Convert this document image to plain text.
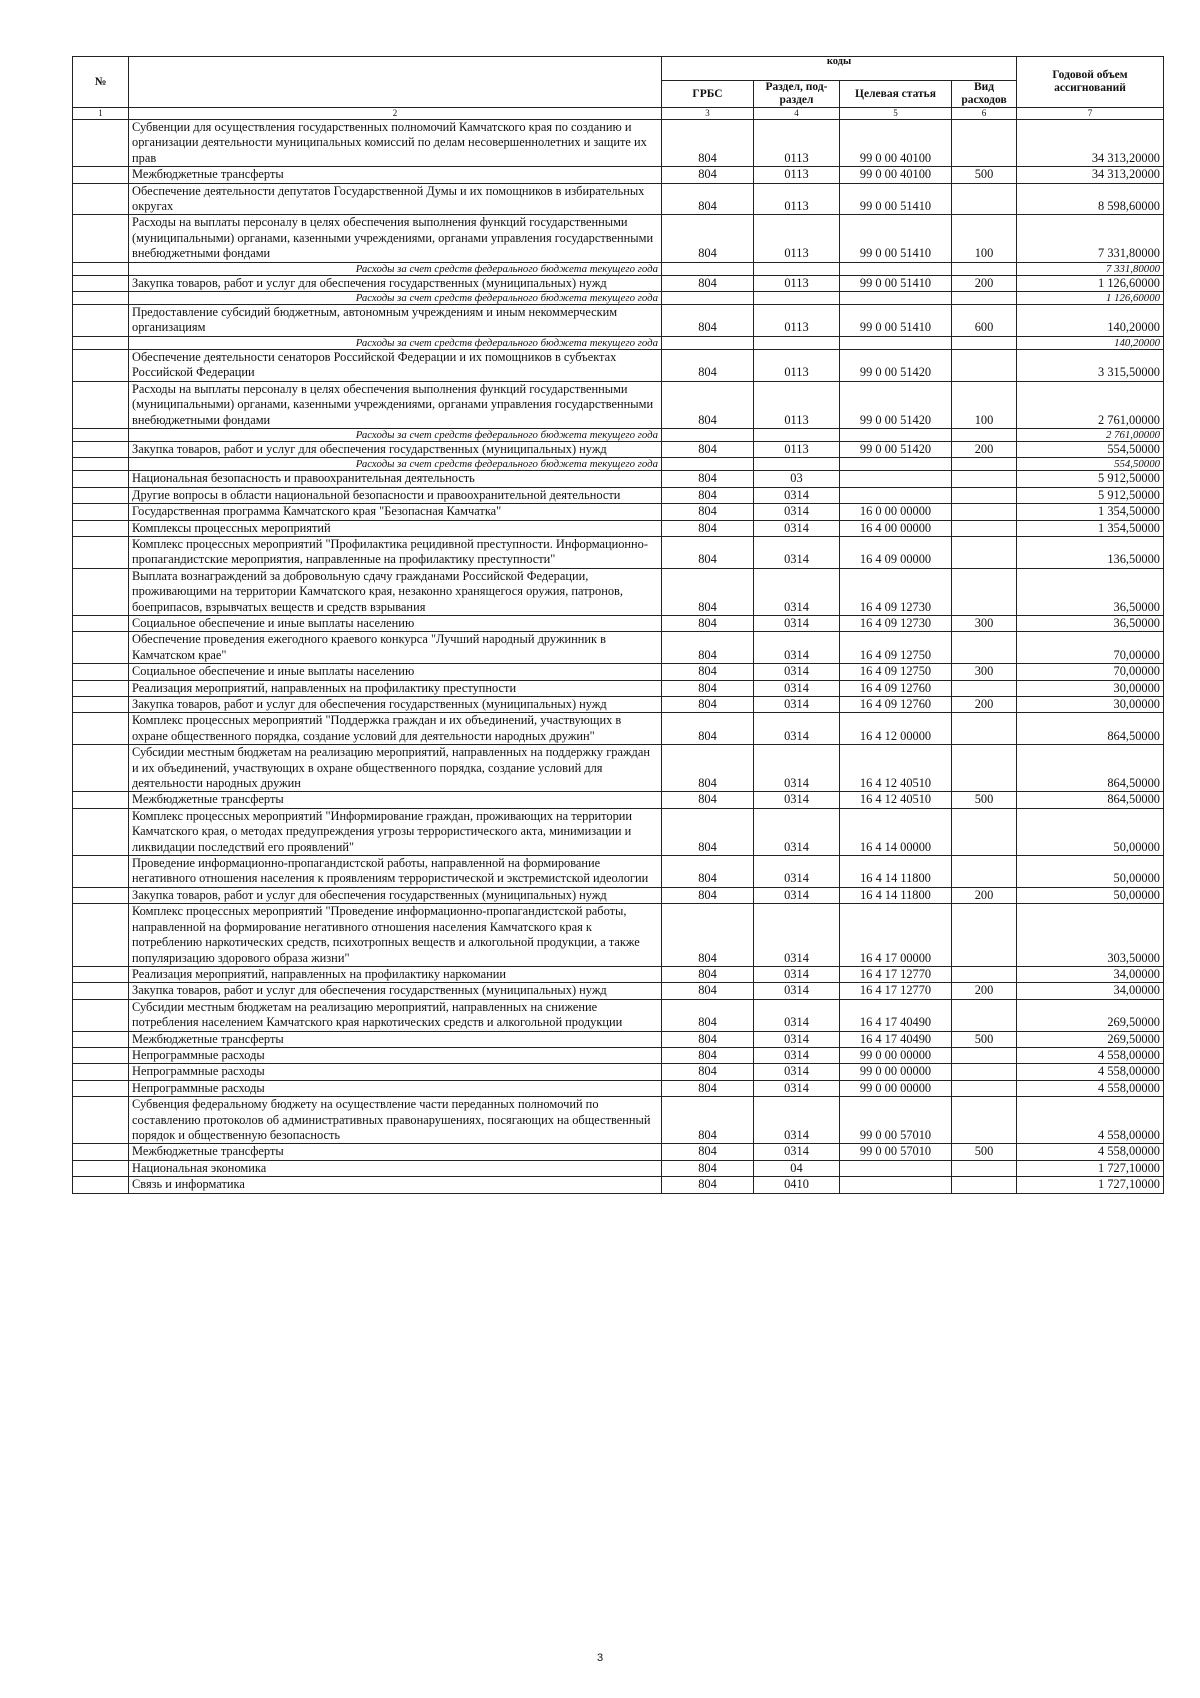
№		коды				Годовой объем ассигнований
		ГРБС	Раздел, под-раздел	Целевая статья	Вид расходов	
1	2	3	4	5	6	7
	Субвенции для осуществления государственных полномочий Камчатского края по созданию и организации деятельности муниципальных комиссий по делам несовершеннолетних и защите их прав	804	0113	99 0 00 40100		34 313,20000
	Межбюджетные трансферты	804	0113	99 0 00 40100	500	34 313,20000
	Обеспечение деятельности депутатов Государственной Думы и их помощников в избирательных округах	804	0113	99 0 00 51410		8 598,60000
	Расходы на выплаты персоналу в целях обеспечения выполнения функций государственными (муниципальными) органами, казенными учреждениями, органами управления государственными внебюджетными фондами	804	0113	99 0 00 51410	100	7 331,80000
	Расходы за счет средств федерального бюджета текущего года					7 331,80000
	Закупка товаров, работ и услуг для обеспечения государственных (муниципальных) нужд	804	0113	99 0 00 51410	200	1 126,60000
	Расходы за счет средств федерального бюджета текущего года					1 126,60000
	Предоставление субсидий бюджетным, автономным учреждениям и иным некоммерческим организациям	804	0113	99 0 00 51410	600	140,20000
	Расходы за счет средств федерального бюджета текущего года					140,20000
	Обеспечение деятельности сенаторов Российской Федерации и их помощников в субъектах Российской Федерации	804	0113	99 0 00 51420		3 315,50000
	Расходы на выплаты персоналу в целях обеспечения выполнения функций государственными (муниципальными) органами, казенными учреждениями, органами управления государственными внебюджетными фондами	804	0113	99 0 00 51420	100	2 761,00000
	Расходы за счет средств федерального бюджета текущего года					2 761,00000
	Закупка товаров, работ и услуг для обеспечения государственных (муниципальных) нужд	804	0113	99 0 00 51420	200	554,50000
	Расходы за счет средств федерального бюджета текущего года					554,50000
	Национальная безопасность и правоохранительная деятельность	804	03			5 912,50000
	Другие вопросы в области национальной безопасности и правоохранительной деятельности	804	0314			5 912,50000
	Государственная программа Камчатского края "Безопасная Камчатка"	804	0314	16 0 00 00000		1 354,50000
	Комплексы процессных мероприятий	804	0314	16 4 00 00000		1 354,50000
	Комплекс процессных мероприятий "Профилактика рецидивной преступности. Информационно-пропагандистские мероприятия, направленные на профилактику преступности"	804	0314	16 4 09 00000		136,50000
	Выплата вознаграждений за добровольную сдачу гражданами Российской Федерации, проживающими на территории Камчатского края, незаконно хранящегося оружия, патронов, боеприпасов, взрывчатых веществ и средств взрывания	804	0314	16 4 09 12730		36,50000
	Социальное обеспечение и иные выплаты населению	804	0314	16 4 09 12730	300	36,50000
	Обеспечение проведения ежегодного краевого конкурса "Лучший народный дружинник в Камчатском крае"	804	0314	16 4 09 12750		70,00000
	Социальное обеспечение и иные выплаты населению	804	0314	16 4 09 12750	300	70,00000
	Реализация мероприятий, направленных на профилактику преступности	804	0314	16 4 09 12760		30,00000
	Закупка товаров, работ и услуг для обеспечения государственных (муниципальных) нужд	804	0314	16 4 09 12760	200	30,00000
	Комплекс процессных мероприятий "Поддержка граждан и их объединений, участвующих в охране общественного порядка, создание условий для деятельности народных дружин"	804	0314	16 4 12 00000		864,50000
	Субсидии местным бюджетам на реализацию мероприятий, направленных на поддержку граждан и их объединений, участвующих в охране общественного порядка, создание условий для деятельности народных дружин	804	0314	16 4 12 40510		864,50000
	Межбюджетные трансферты	804	0314	16 4 12 40510	500	864,50000
	Комплекс процессных мероприятий "Информирование граждан, проживающих на территории Камчатского края, о методах предупреждения угрозы террористического акта, минимизации и ликвидации последствий его проявлений"	804	0314	16 4 14 00000		50,00000
	Проведение информационно-пропагандистской работы, направленной на формирование негативного отношения населения к проявлениям террористической и экстремистской идеологии	804	0314	16 4 14 11800		50,00000
	Закупка товаров, работ и услуг для обеспечения государственных (муниципальных) нужд	804	0314	16 4 14 11800	200	50,00000
	Комплекс процессных мероприятий "Проведение информационно-пропагандистской работы, направленной на формирование негативного отношения населения Камчатского края к потреблению наркотических средств, психотропных веществ и алкогольной продукции, а также популяризацию здорового образа жизни"	804	0314	16 4 17 00000		303,50000
	Реализация мероприятий, направленных на профилактику наркомании	804	0314	16 4 17 12770		34,00000
	Закупка товаров, работ и услуг для обеспечения государственных (муниципальных) нужд	804	0314	16 4 17 12770	200	34,00000
	Субсидии местным бюджетам на реализацию мероприятий, направленных на снижение потребления населением Камчатского края наркотических средств и алкогольной продукции	804	0314	16 4 17 40490		269,50000
	Межбюджетные трансферты	804	0314	16 4 17 40490	500	269,50000
	Непрограммные расходы	804	0314	99 0 00 00000		4 558,00000
	Непрограммные расходы	804	0314	99 0 00 00000		4 558,00000
	Непрограммные расходы	804	0314	99 0 00 00000		4 558,00000
	Субвенция федеральному бюджету на осуществление части переданных полномочий по составлению протоколов об административных правонарушениях, посягающих на общественный порядок и общественную безопасность	804	0314	99 0 00 57010		4 558,00000
	Межбюджетные трансферты	804	0314	99 0 00 57010	500	4 558,00000
	Национальная экономика	804	04			1 727,10000
	Связь и информатика	804	0410			1 727,10000
3
